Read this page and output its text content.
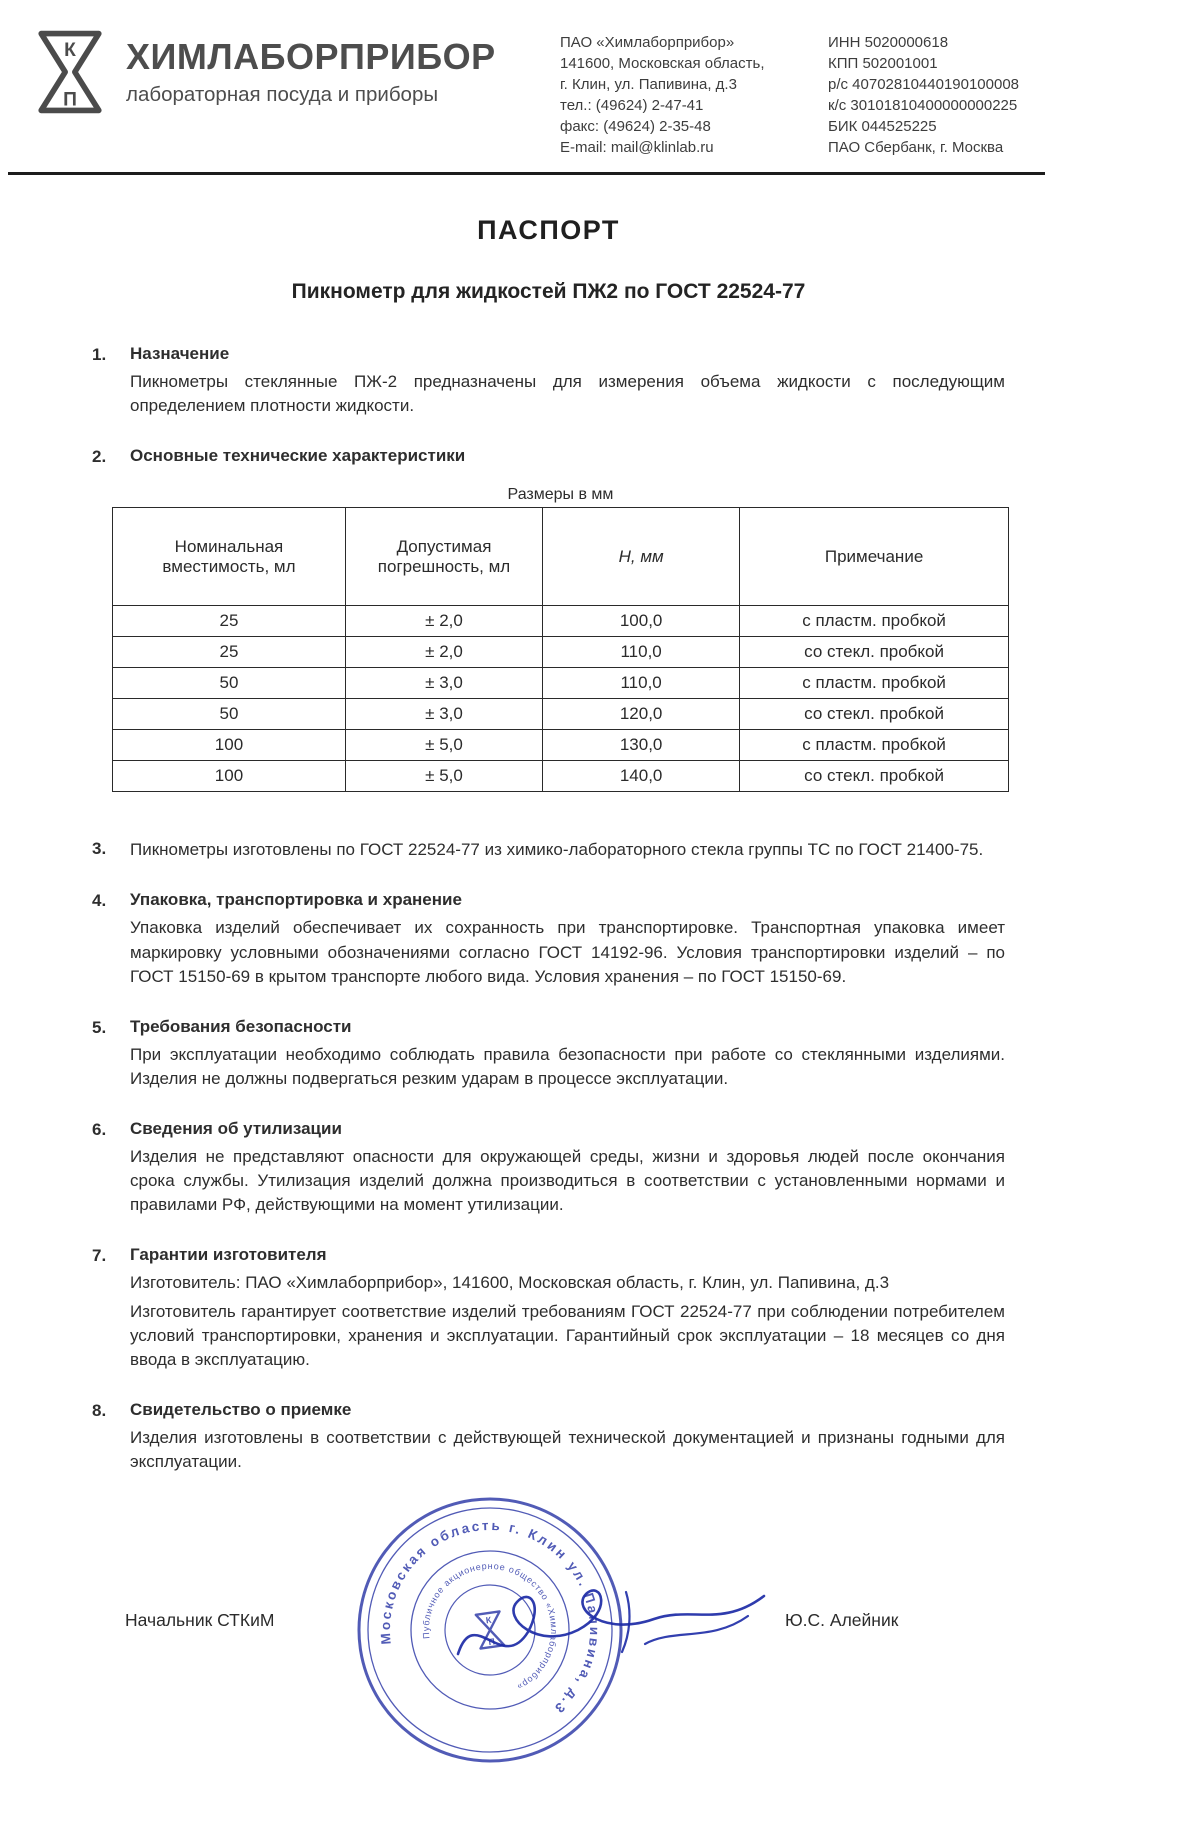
К
П
ХИМЛАБОРПРИБОР
лабораторная посуда и приборы
ПАО «Химлаборприбор»
141600, Московская область,
г. Клин, ул. Папивина, д.3
тел.: (49624) 2-47-41
факс: (49624) 2-35-48
E-mail: mail@klinlab.ru
ИНН 5020000618
КПП 502001001
р/с 40702810440190100008
к/с 30101810400000000225
БИК 044525225
ПАО Сбербанк, г. Москва
ПАСПОРТ
Пикнометр для жидкостей ПЖ2 по ГОСТ 22524-77
1.	Назначение

Пикнометры стеклянные ПЖ-2 предназначены для измерения объема жидкости с последующим определением плотности жидкости.

2.	Основные технические характеристики
Размеры в мм
Номинальная вместимость, мл	Допустимая погрешность, мл	Н, мм	Примечание
25	± 2,0	100,0	с пластм. пробкой
25	± 2,0	110,0	со стекл. пробкой
50	± 3,0	110,0	с пластм. пробкой
50	± 3,0	120,0	со стекл. пробкой
100	± 5,0	130,0	с пластм. пробкой
100	± 5,0	140,0	со стекл. пробкой
3.	Пикнометры изготовлены по ГОСТ 22524-77 из химико-лабораторного стекла группы ТС по ГОСТ 21400-75.

4.	Упаковка, транспортировка и хранение

Упаковка изделий обеспечивает их сохранность при транспортировке. Транспортная упаковка имеет маркировку условными обозначениями согласно ГОСТ 14192-96. Условия транспортировки изделий – по ГОСТ 15150-69 в крытом транспорте любого вида. Условия хранения – по ГОСТ 15150-69.

5.	Требования безопасности

При эксплуатации необходимо соблюдать правила безопасности при работе со стеклянными изделиями. Изделия не должны подвергаться резким ударам в процессе эксплуатации.

6.	Сведения об утилизации

Изделия не представляют опасности для окружающей среды, жизни и здоровья людей после окончания срока службы. Утилизация изделий должна производиться в соответствии с установленными нормами и правилами РФ, действующими на момент утилизации.

7.	Гарантии изготовителя

Изготовитель: ПАО «Химлаборприбор», 141600, Московская область, г. Клин, ул. Папивина, д.3

Изготовитель гарантирует соответствие изделий требованиям ГОСТ 22524-77 при соблюдении потребителем условий транспортировки, хранения и эксплуатации. Гарантийный срок эксплуатации – 18 месяцев со дня ввода в эксплуатацию.

8.	Свидетельство о приемке

Изделия изготовлены в соответствии с действующей технической документацией и признаны годными для эксплуатации.

Начальник СТКиМ
Московская область г. Клин ул. Папивина, д.3
Публичное акционерное общество «Химлаборприбор»
К
П
Ю.С. Алейник
